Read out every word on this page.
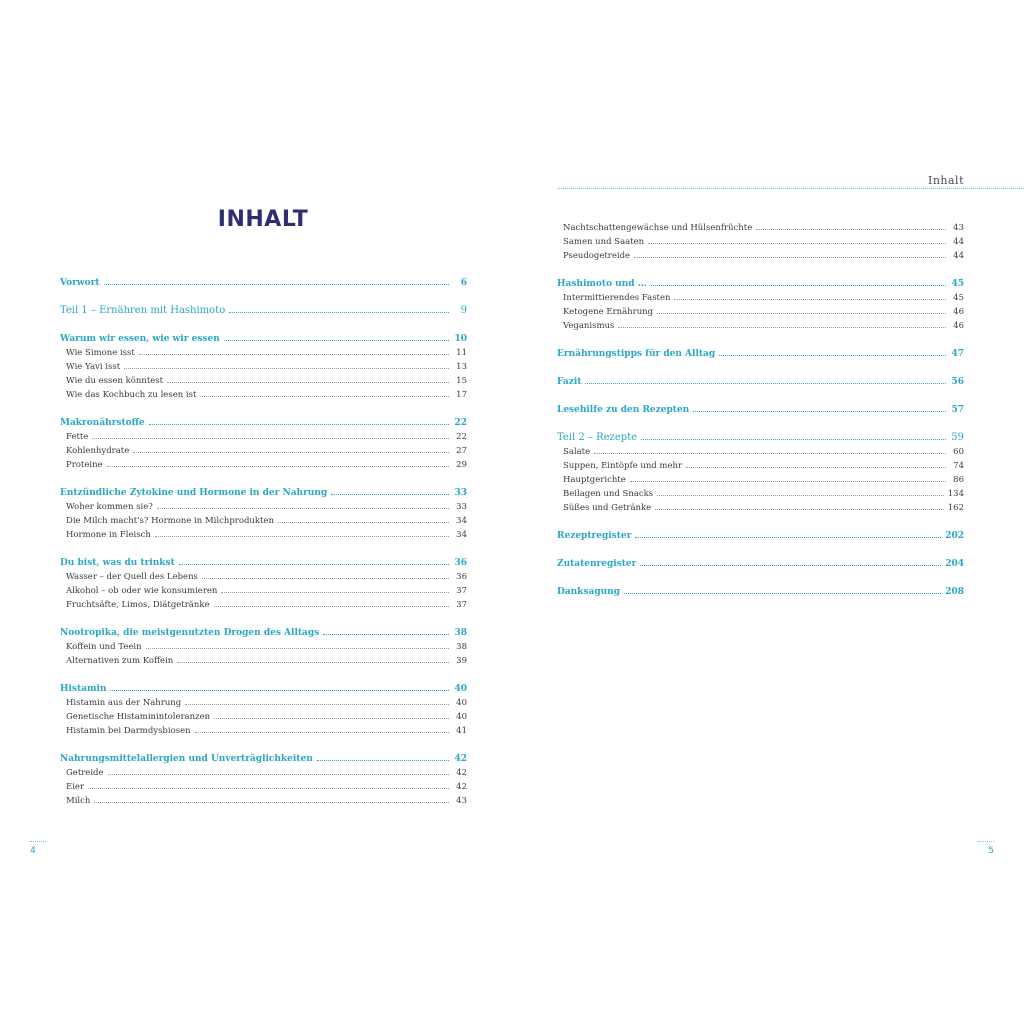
INHALT
Vorwort	6
Teil 1 – Ernähren mit Hashimoto	9
Warum wir essen, wie wir essen	10
Wie Simone isst	11
Wie Yavi isst	13
Wie du essen könntest	15
Wie das Kochbuch zu lesen ist	17
Makronährstoffe	22
Fette	22
Kohlenhydrate	27
Proteine	29
Entzündliche Zytokine und Hormone in der Nahrung	33
Woher kommen sie?	33
Die Milch macht's? Hormone in Milchprodukten	34
Hormone in Fleisch	34
Du bist, was du trinkst	36
Wasser – der Quell des Lebens	36
Alkohol – ob oder wie konsumieren	37
Fruchtsäfte, Limos, Diätgetränke	37
Nootropika, die meistgenutzten Drogen des Alltags	38
Koffein und Teein	38
Alternativen zum Koffein	39
Histamin	40
Histamin aus der Nahrung	40
Genetische Histaminintoleranzen	40
Histamin bei Darmdysbiosen	41
Nahrungsmittelallergien und Unverträglichkeiten	42
Getreide	42
Eier	42
Milch	43
4
Inhalt
Nachtschattengewächse und Hülsenfrüchte	43
Samen und Saaten	44
Pseudogetreide	44
Hashimoto und …	45
Intermittierendes Fasten	45
Ketogene Ernährung	46
Veganismus	46
Ernährungstipps für den Alltag	47
Fazit	56
Lesehilfe zu den Rezepten	57
Teil 2 – Rezepte	59
Salate	60
Suppen, Eintöpfe und mehr	74
Hauptgerichte	86
Beilagen und Snacks	134
Süßes und Getränke	162
Rezeptregister	202
Zutatenregister	204
Danksagung	208
5
